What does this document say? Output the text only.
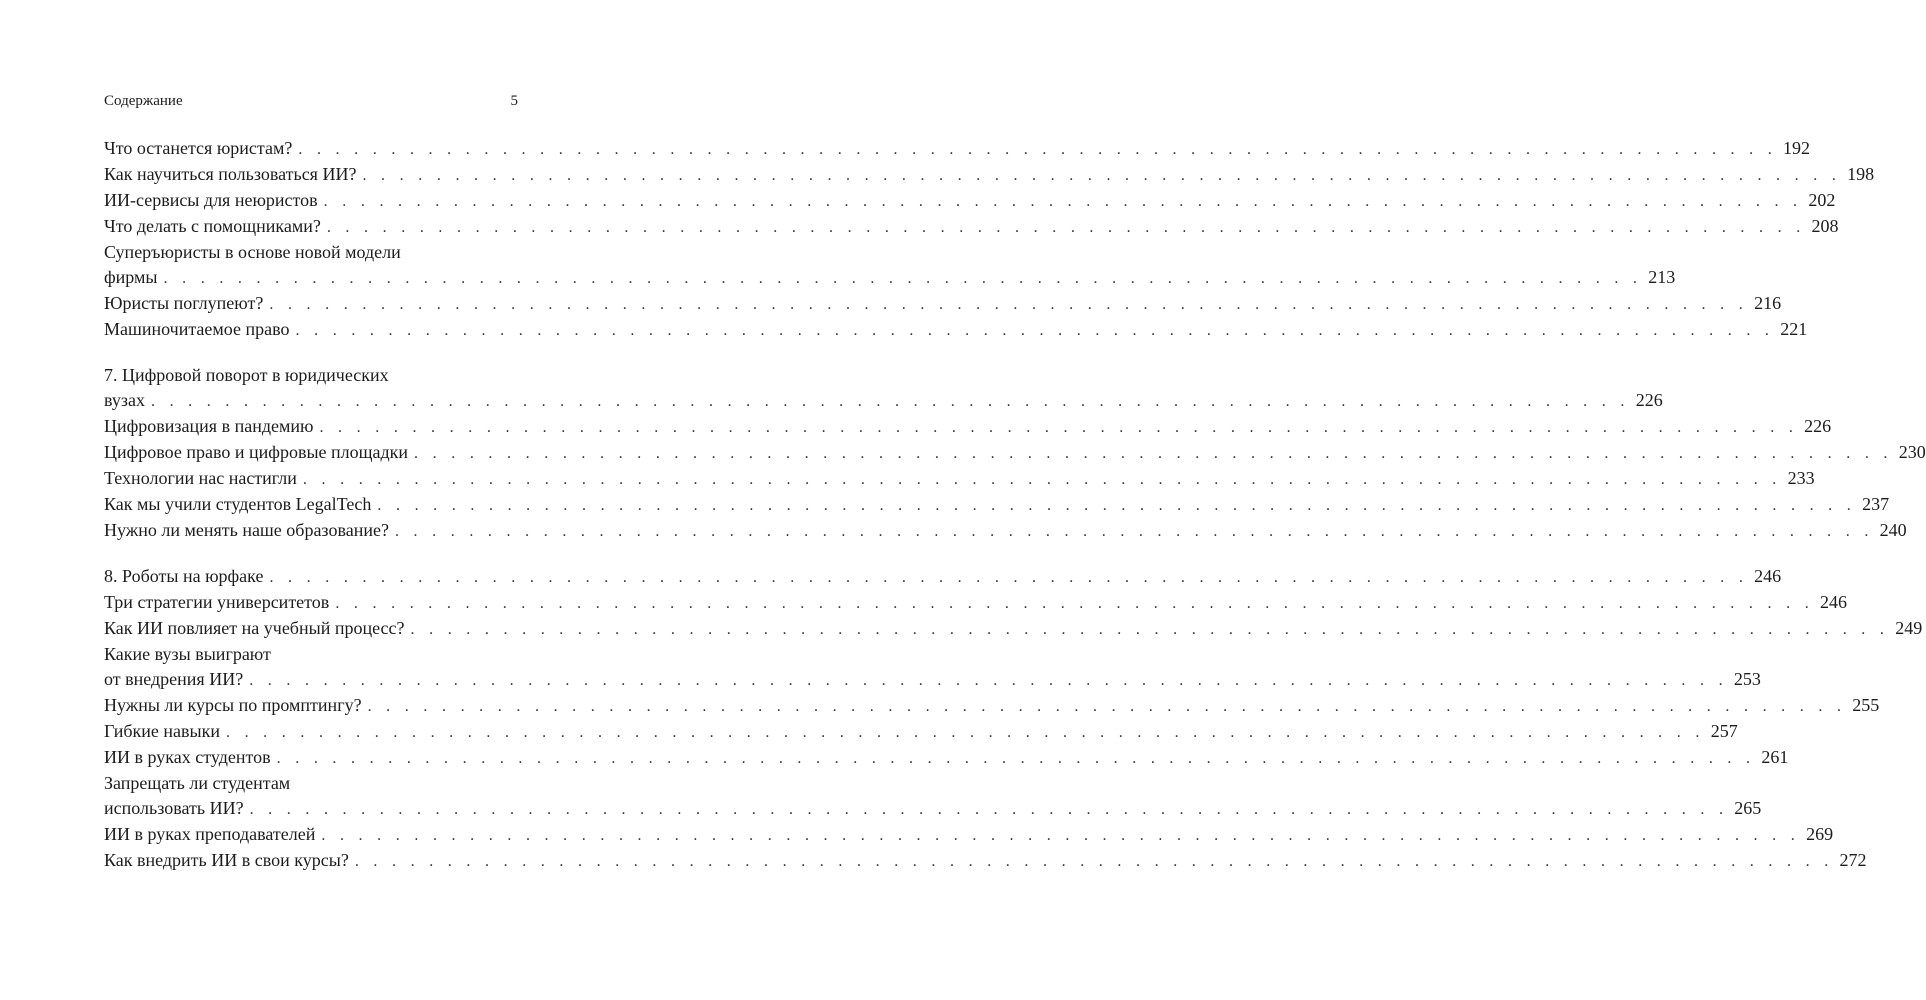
Содержание	5
Что останется юристам? . . . . . . . . . . . . . . . . . . . . . . . . . . . . . . . . . . . . . . . . . . . . . . . . . . . . . . . . . . . . . . . . . . . . . . . . . . . . . . . . 192
Как научиться пользоваться ИИ? . . . . . . . . . . . . . . . . . . . . . . . . . . . . . . . . . . . . . . . . . . . . . . . . . . . . . . . . . . . . . . . . . . . . . . . . . . . . . . . . 198
ИИ-сервисы для неюристов . . . . . . . . . . . . . . . . . . . . . . . . . . . . . . . . . . . . . . . . . . . . . . . . . . . . . . . . . . . . . . . . . . . . . . . . . . . . . . . . 202
Что делать с помощниками? . . . . . . . . . . . . . . . . . . . . . . . . . . . . . . . . . . . . . . . . . . . . . . . . . . . . . . . . . . . . . . . . . . . . . . . . . . . . . . . . 208
Суперъюристы в основе новой модели
фирмы . . . . . . . . . . . . . . . . . . . . . . . . . . . . . . . . . . . . . . . . . . . . . . . . . . . . . . . . . . . . . . . . . . . . . . . . . . . . . . . . 213
Юристы поглупеют? . . . . . . . . . . . . . . . . . . . . . . . . . . . . . . . . . . . . . . . . . . . . . . . . . . . . . . . . . . . . . . . . . . . . . . . . . . . . . . . . 216
Машиночитаемое право . . . . . . . . . . . . . . . . . . . . . . . . . . . . . . . . . . . . . . . . . . . . . . . . . . . . . . . . . . . . . . . . . . . . . . . . . . . . . . . . 221
7. Цифровой поворот в юридических
вузах . . . . . . . . . . . . . . . . . . . . . . . . . . . . . . . . . . . . . . . . . . . . . . . . . . . . . . . . . . . . . . . . . . . . . . . . . . . . . . . . 226
Цифровизация в пандемию . . . . . . . . . . . . . . . . . . . . . . . . . . . . . . . . . . . . . . . . . . . . . . . . . . . . . . . . . . . . . . . . . . . . . . . . . . . . . . . . 226
Цифровое право и цифровые площадки . . . . . . . . . . . . . . . . . . . . . . . . . . . . . . . . . . . . . . . . . . . . . . . . . . . . . . . . . . . . . . . . . . . . . . . . . . . . . . . . 230
Технологии нас настигли . . . . . . . . . . . . . . . . . . . . . . . . . . . . . . . . . . . . . . . . . . . . . . . . . . . . . . . . . . . . . . . . . . . . . . . . . . . . . . . . 233
Как мы учили студентов LegalTech . . . . . . . . . . . . . . . . . . . . . . . . . . . . . . . . . . . . . . . . . . . . . . . . . . . . . . . . . . . . . . . . . . . . . . . . . . . . . . . . 237
Нужно ли менять наше образование? . . . . . . . . . . . . . . . . . . . . . . . . . . . . . . . . . . . . . . . . . . . . . . . . . . . . . . . . . . . . . . . . . . . . . . . . . . . . . . . . 240
8. Роботы на юрфаке . . . . . . . . . . . . . . . . . . . . . . . . . . . . . . . . . . . . . . . . . . . . . . . . . . . . . . . . . . . . . . . . . . . . . . . . . . . . . . . . 246
Три стратегии университетов . . . . . . . . . . . . . . . . . . . . . . . . . . . . . . . . . . . . . . . . . . . . . . . . . . . . . . . . . . . . . . . . . . . . . . . . . . . . . . . . 246
Как ИИ повлияет на учебный процесс? . . . . . . . . . . . . . . . . . . . . . . . . . . . . . . . . . . . . . . . . . . . . . . . . . . . . . . . . . . . . . . . . . . . . . . . . . . . . . . . . 249
Какие вузы выиграют
от внедрения ИИ? . . . . . . . . . . . . . . . . . . . . . . . . . . . . . . . . . . . . . . . . . . . . . . . . . . . . . . . . . . . . . . . . . . . . . . . . . . . . . . . . 253
Нужны ли курсы по промптингу? . . . . . . . . . . . . . . . . . . . . . . . . . . . . . . . . . . . . . . . . . . . . . . . . . . . . . . . . . . . . . . . . . . . . . . . . . . . . . . . . 255
Гибкие навыки . . . . . . . . . . . . . . . . . . . . . . . . . . . . . . . . . . . . . . . . . . . . . . . . . . . . . . . . . . . . . . . . . . . . . . . . . . . . . . . . 257
ИИ в руках студентов . . . . . . . . . . . . . . . . . . . . . . . . . . . . . . . . . . . . . . . . . . . . . . . . . . . . . . . . . . . . . . . . . . . . . . . . . . . . . . . . 261
Запрещать ли студентам
использовать ИИ? . . . . . . . . . . . . . . . . . . . . . . . . . . . . . . . . . . . . . . . . . . . . . . . . . . . . . . . . . . . . . . . . . . . . . . . . . . . . . . . . 265
ИИ в руках преподавателей . . . . . . . . . . . . . . . . . . . . . . . . . . . . . . . . . . . . . . . . . . . . . . . . . . . . . . . . . . . . . . . . . . . . . . . . . . . . . . . . 269
Как внедрить ИИ в свои курсы? . . . . . . . . . . . . . . . . . . . . . . . . . . . . . . . . . . . . . . . . . . . . . . . . . . . . . . . . . . . . . . . . . . . . . . . . . . . . . . . . 272
